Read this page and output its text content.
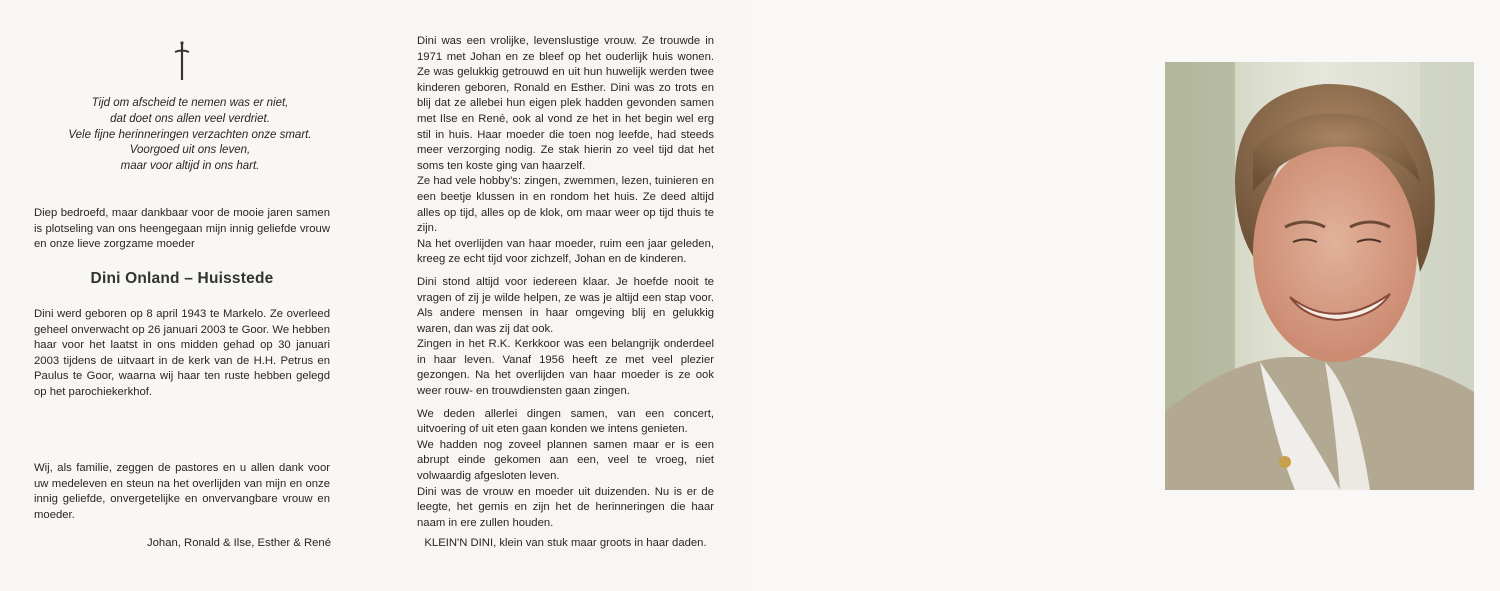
Tijd om afscheid te nemen was er niet,
dat doet ons allen veel verdriet.
Vele fijne herinneringen verzachten onze smart.
Voorgoed uit ons leven,
maar voor altijd in ons hart.
Diep bedroefd, maar dankbaar voor de mooie jaren samen is plotseling van ons heengegaan mijn innig geliefde vrouw en onze lieve zorgzame moeder
Dini Onland – Huisstede
Dini werd geboren op 8 april 1943 te Markelo. Ze overleed geheel onverwacht op 26 januari 2003 te Goor. We hebben haar voor het laatst in ons midden gehad op 30 januari 2003 tijdens de uitvaart in de kerk van de H.H. Petrus en Paulus te Goor, waarna wij haar ten ruste hebben gelegd op het parochiekerkhof.
Wij, als familie, zeggen de pastores en u allen dank voor uw medeleven en steun na het overlijden van mijn en onze innig geliefde, onvergetelijke en onvervangbare vrouw en moeder.
Johan, Ronald & Ilse, Esther & René

Dini was een vrolijke, levenslustige vrouw. Ze trouwde in 1971 met Johan en ze bleef op het ouderlijk huis wonen. Ze was gelukkig getrouwd en uit hun huwelijk werden twee kinderen geboren, Ronald en Esther. Dini was zo trots en blij dat ze allebei hun eigen plek hadden gevonden samen met Ilse en René, ook al vond ze het in het begin wel erg stil in huis. Haar moeder die toen nog leefde, had steeds meer verzorging nodig. Ze stak hierin zo veel tijd dat het soms ten koste ging van haarzelf.

Ze had vele hobby's: zingen, zwemmen, lezen, tuinieren en een beetje klussen in en rondom het huis. Ze deed altijd alles op tijd, alles op de klok, om maar weer op tijd thuis te zijn.

Na het overlijden van haar moeder, ruim een jaar geleden, kreeg ze echt tijd voor zichzelf, Johan en de kinderen.

Dini stond altijd voor iedereen klaar. Je hoefde nooit te vragen of zij je wilde helpen, ze was je altijd een stap voor. Als andere mensen in haar omgeving blij en gelukkig waren, dan was zij dat ook.

Zingen in het R.K. Kerkkoor was een belangrijk onderdeel in haar leven. Vanaf 1956 heeft ze met veel plezier gezongen. Na het overlijden van haar moeder is ze ook weer rouw- en trouwdiensten gaan zingen.

We deden allerlei dingen samen, van een concert, uitvoering of uit eten gaan konden we intens genieten.

We hadden nog zoveel plannen samen maar er is een abrupt einde gekomen aan een, veel te vroeg, niet volwaardig afgesloten leven.

Dini was de vrouw en moeder uit duizenden. Nu is er de leegte, het gemis en zijn het de herinneringen die haar naam in ere zullen houden.

KLEIN'N DINI, klein van stuk maar groots in haar daden.
